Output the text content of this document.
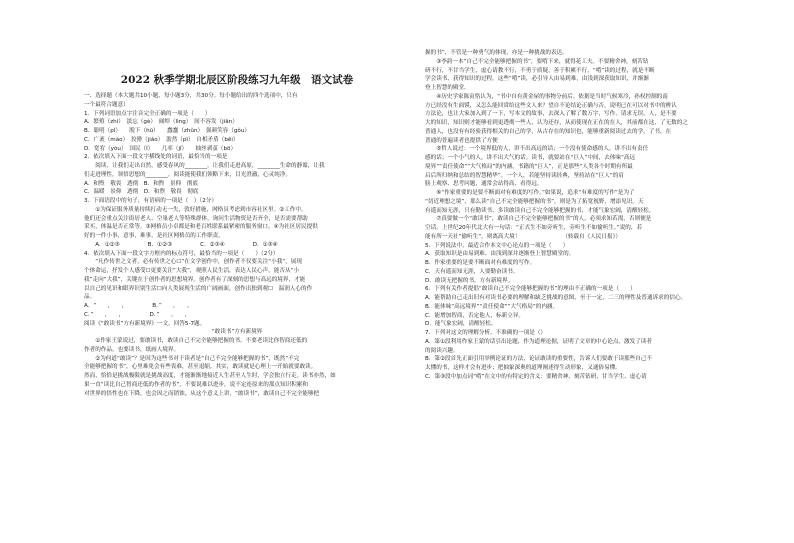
2022 秋季学期北辰区阶段练习九年级　语文试卷
一、选择题（本大题共10小题，每小题3分，共30分。每小题给出的四个选项中，只有
一个最符合题意）
1．下列词语加点字注音完全正确的一项是（　　）
A．繁殖（zhí）　淡忘（gè）　阔绰（lìng）　间不容发（jiān）
B．聪明（pǐ）　　脱下（hū）　　蠢蠢（zhǔn）　强颜笑容（gǒu）
C．广袤（mào）　狡猾（jiǎo）　澹然（pī）　自相矛盾（bēi）
D．宽宥（yòu）　国民（ǐ）　　几率（jǐ）　　抽丝剥茧（bō）
2．依次填入下面一段文字横线处的词语，最恰当的一项是
　　阅读，让我们走出自然，感受春风的________，让我们走进高原，________生命的静谧，让我
们走进理性，领悟思想的________。阅读能使我们领略下来，目光澄澈，心灵纯净。
A．和煦　敬畏　透彻　B．和煦　景仰　彻底
C．温暖　景仰　透彻　D．和煦　敬畏　彻底
3．下面语段中的句子，有语病的一项是（　）（2分）
　　①为保证服务质量持续打动无一失，敦好措施，网格员考虑到市容社区里。②工作中，
他们还会重点关注街居老人、空巢老人等特殊群体，询问生活物资是否齐全，是否需要帮助
采买，体温是否正常等。③网格员小卓都是和老百姓联系最紧密的服务窗口。④为社区居民提供
好的一件小事，意事，难事，是社区网格员的工作职责。
　　A．①②③　　　　　B．①②③　　　　　C．②③④　　　　　D．①③④
4．依次填入下面一段文字方框内的标点符号，最恰当的一项是（　　）（2分）
　　“凡作传世之文者，必有传世之心☐”在文学创作中，创作者不仅要关注“小我”，展现
个体命运，抒发个人感受☐更要关注“大我”，观照人民生活，表达人民心声。能否从“小
我”走向“大我”，关键在于创作者的思想境界。创作者有了深刻的思想与高远的境界，才能
以自己的见识和眼界识别生活☐向人类展现生活的广阔画面，创作出独到观☐　温润人心的作
品。
A．“　　，　　，　　　　　B．”　　，　　，
C．”　　，　　，　　　　　D．”　　。　　，
阅读《“敢读书”方有新境界》一文，回答5-7题。
“敢读书”方有新境界
　　①作家王蒙说过，要敢读书，敢读自己不完全能够把握的书。不要老读比你智商还低的
作者的作品。也要读书，纸画人境界。
　　②为何道“敢读”？是因为这些书对于读者是“自己不完全能够把握的书”，既然“不完
全能够把握的书”，心里难免会有些畏难，甚至退缩。其实，敢读就是心理上一开始就要敢读。
然而，恰恰是挑战极限就是挑战高度，才能渐渐地接近人生甚至人生时，学会独立行走。读书亦然，如
果一直“读比自己智商还低的作者的书”，不要说难以进步，说不定连原来的那点知识积累和
对世界的悟性也在下降，也会因之而销蚀。从这个意义上讲，“敢读书”，敢读自己不完全能够把
握的书”，不管是一种勇气的体现，亦是一种挑战的表达。
　　③李韵一本“自己不完全能够把握的书”，要啃下来，就得花工夫。不要精舍神，刻苦钻
研不行，不甘当学生，虚心请教不行，不勇于质疑，善于积累不行。“啃”读的过程，就是不断
学会读书、获得知识的过程。这些“啃”读，必引导人由易到难，由浅到深获取知识，并渐渐
登上智慧的殿堂。
　　④历史学家陈寅恪认为，“书中自有黄金屋的事物分前后。依据是当时气候寒冷，孙权控制的南
方已经没有生面馍，又怎么能回赏给这些文人来？望自不论结论正确与否，说明已在可以对书中的辨认
方法论，也让大家加入到了一下，写本文的故事，去深入了解了数万字，写作、请求无误，人，是不要
大的知识，知识则才能够看到更透彻一些人，认为还存，从而使现在正在的在人，其前都在这，了无数的之
普通人，也没有有经验获得相关的自己的学，从古存在的知识也，能够重新阅读过去的学，了书，在
普通的普遍读者也提供了方便
　　⑤哲人说过：一个境界低的人，讲不出高远的话；一个没有使命感的人，讲不出有责任
感的话；一个小气的人，讲不出大气的话。读书，就要站在“巨人”中间，去体味“高远
境界”“责任使命”“大气格局”的内涵。书籍的“巨人”，正是那些“人类各个时期有所最
启后所归纳和总结的智慧精华”。一个人，若能坚持读经典，坚持站在“巨人”的肩
膀上观察、思考问题，通常会站得高、看得远。
　　⑥“作家重要的是要不断面对有难度的写作。”如果说，追求“有难度的写作”是为了
“切近理想之境”，那么读“自己不完全能够把握的书”，则是为了拓宽视野，增添见识。天
有遥而知无涯，只有勤读书、多读敢读自己不完全能够把握的书，才能气象宏阔，清醒轻松。
　　⑦真要做一个“敢读书”，敢读自己不完全能够把握的书”的人，必须求知若渴，否则便是
空话。上世纪20年代北大有一句话：“正式生不如旁听生，旁听生不如偷听生。”说的，若
能有所一天社“偷听生”，则离高大境！　　　　　　　　（转载自《人民日报》）
5．下列说法中，最适合作本文中心论点的一项是（　　）
A．获取知识是由易到难、由浅到深并逐渐登上智慧殿堂的。
B．作家重要的是要不断面对有难度的写作。
C．天有遥而知无涯，人要勤奋读书。
D．敢读无把握的书，方有新境界。
6．下列有关作者提倡“敢读自己不完全能够把握的书”的理由不正确的一项是（　　）
A．能帮助自己走出旧有对读书必要的理解和缺乏挑战的意图，至于一定，二三的理性及普通诉求的信心。
B．能体味“高远境界”“责任使命”“大气格局”的内涵。
C．能增加智商，否定他人，标新立异。
D．能气象宏阔，清醒轻松。
7．下列对这文的理解分析，不准确的一项是（）
A．第①段利用作家王蒙的话引出论题，作为道理论据，证明了文章的中心论点，激发了读者
的阅读兴趣。
B．第②段首先正面引用举例论证的方法，论证敢读的重要性，告诉人们要敢于读那些自己不
太懂的书，这样才会有进步；把抽象深奥的道理阐述得生动形象，又通俗易懂。
C．第③段中加点词“啃”在文中的有特定的含义：要精舍神、刻苦钻研，甘当学生、虚心请
